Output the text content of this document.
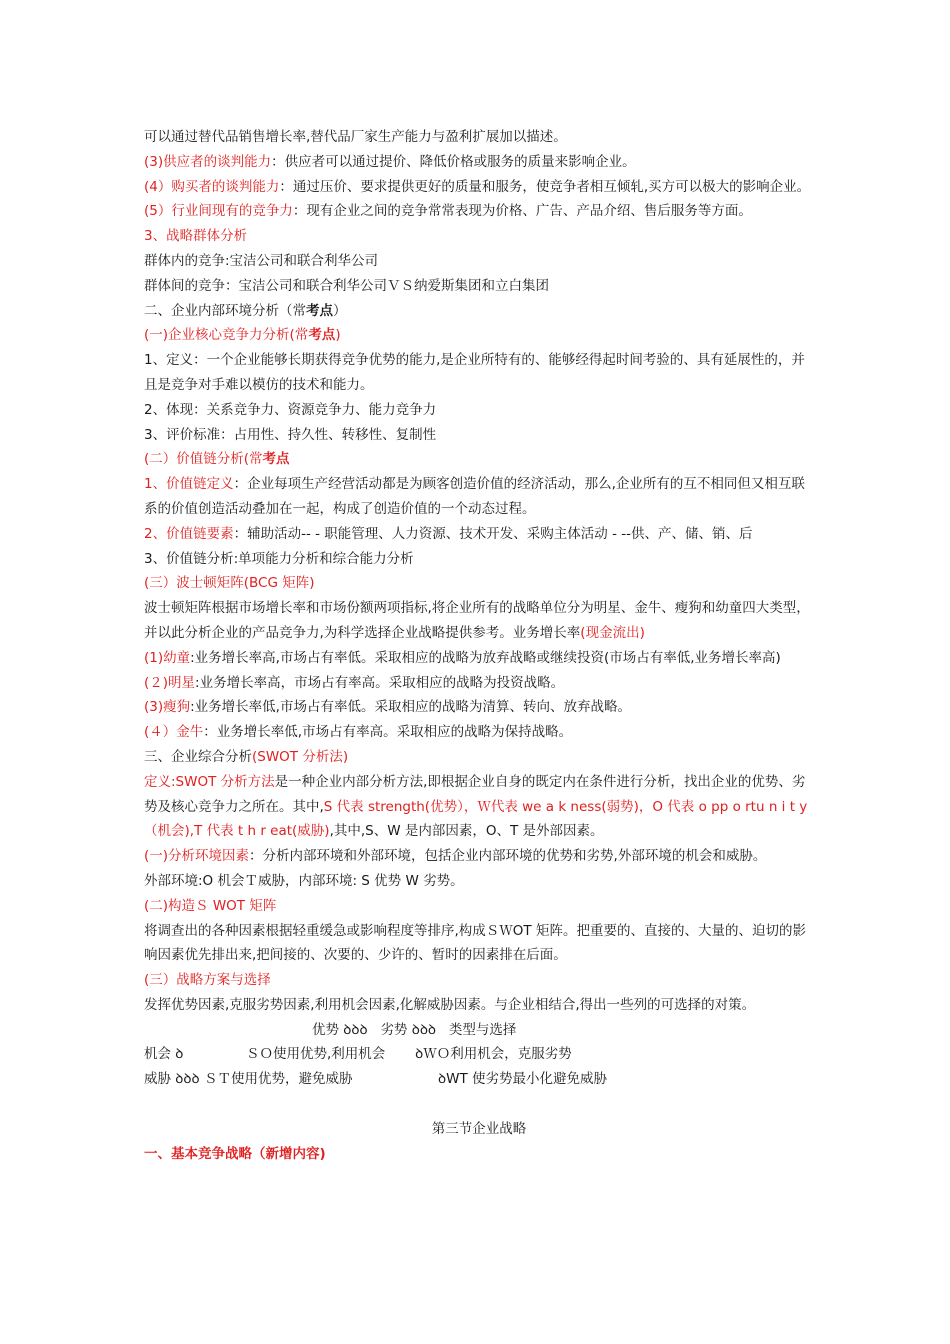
可以通过替代品销售增长率,替代品厂家生产能力与盈利扩展加以描述。
(3)供应者的谈判能力：供应者可以通过提价、降低价格或服务的质量来影响企业。
(4）购买者的谈判能力：通过压价、要求提供更好的质量和服务，使竞争者相互倾轧,买方可以极大的影响企业。
(5）行业间现有的竞争力：现有企业之间的竞争常常表现为价格、广告、产品介绍、售后服务等方面。
3、战略群体分析
群体内的竞争:宝洁公司和联合利华公司
群体间的竞争：宝洁公司和联合利华公司ＶＳ纳爱斯集团和立白集团
二、企业内部环境分析（常考点）
(一)企业核心竞争力分析(常考点)
1、定义：一个企业能够长期获得竞争优势的能力,是企业所特有的、能够经得起时间考验的、具有延展性的，并且是竞争对手难以模仿的技术和能力。
2、体现：关系竞争力、资源竞争力、能力竞争力
3、评价标准：占用性、持久性、转移性、复制性
(二）价值链分析(常考点
1、价值链定义：企业每项生产经营活动都是为顾客创造价值的经济活动，那么,企业所有的互不相同但又相互联系的价值创造活动叠加在一起，构成了创造价值的一个动态过程。
2、价值链要素：辅助活动-- - 职能管理、人力资源、技术开发、采购主体活动 - --供、产、储、销、后
3、价值链分析:单项能力分析和综合能力分析
(三）波士顿矩阵(BCG 矩阵)
波士顿矩阵根据市场增长率和市场份额两项指标,将企业所有的战略单位分为明星、金牛、瘦狗和幼童四大类型，并以此分析企业的产品竞争力,为科学选择企业战略提供参考。业务增长率(现金流出)
(1)幼童:业务增长率高,市场占有率低。采取相应的战略为放弃战略或继续投资(市场占有率低,业务增长率高)
(２)明星:业务增长率高，市场占有率高。采取相应的战略为投资战略。
(3)瘦狗:业务增长率低,市场占有率低。采取相应的战略为清算、转向、放弃战略。
(４）金牛：业务增长率低,市场占有率高。采取相应的战略为保持战略。
三、企业综合分析(SWOT 分析法)
定义:SWOT 分析方法是一种企业内部分析方法,即根据企业自身的既定内在条件进行分析，找出企业的优势、劣势及核心竞争力之所在。其中,S 代表 strength(优势），Ｗ代表 we a k ness(弱势)，O 代表 o pp o rtu n i t y（机会),T 代表 t h r eat(威胁),其中,S、W 是内部因素，O、T 是外部因素。
(一)分析环境因素：分析内部环境和外部环境，包括企业内部环境的优势和劣势,外部环境的机会和威胁。
外部环境:O 机会Ｔ威胁，内部环境: S 优势 W 劣势。
(二)构造Ｓ WOT 矩阵
将调查出的各种因素根据轻重缓急或影响程度等排序,构成ＳＷOT 矩阵。把重要的、直接的、大量的、迫切的影响因素优先排出来,把间接的、次要的、少许的、暂时的因素排在后面。
(三）战略方案与选择
发挥优势因素,克服劣势因素,利用机会因素,化解威胁因素。与企业相结合,得出一些列的可选择的对策。
优势 ꝺꝺꝺ 劣势 ꝺꝺꝺ 类型与选择
机会 ꝺ	ＳＯ使用优势,利用机会 ꝺＷＯ利用机会，克服劣势
威胁 ꝺꝺꝺ ＳＴ使用优势，避免威胁	ꝺWT 使劣势最小化避免威胁
第三节企业战略
一、基本竞争战略（新增内容)
